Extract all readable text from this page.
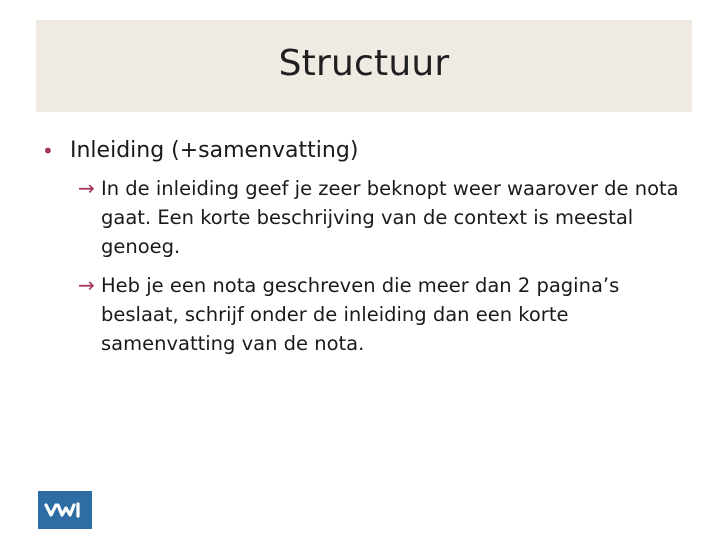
Structuur
• Inleiding (+samenvatting)
→ In de inleiding geef je zeer beknopt weer waarover de nota gaat. Een korte beschrijving van de context is meestal genoeg.
→ Heb je een nota geschreven die meer dan 2 pagina’s beslaat, schrijf onder de inleiding dan een korte samenvatting van de nota.
